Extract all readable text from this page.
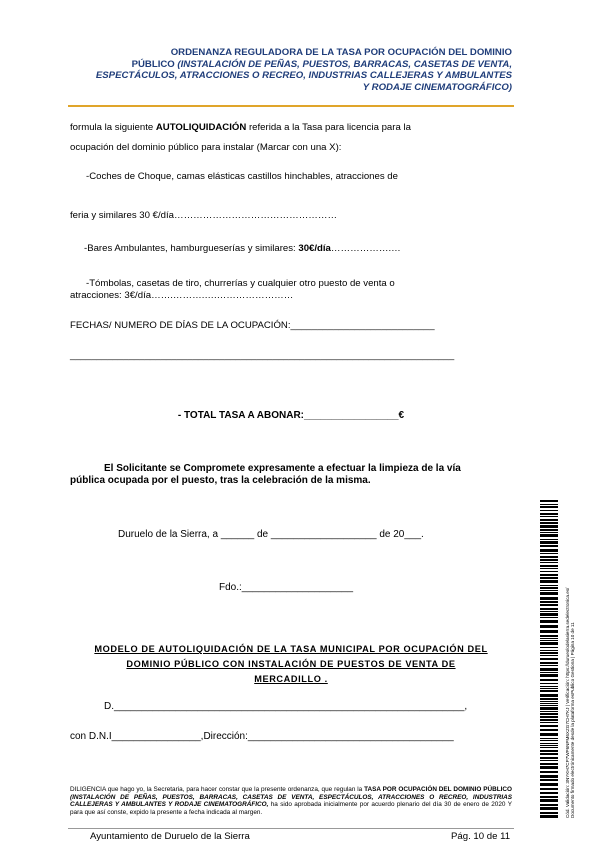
ORDENANZA REGULADORA DE LA TASA POR OCUPACIÓN DEL DOMINIO
PÚBLICO (INSTALACIÓN DE PEÑAS, PUESTOS, BARRACAS, CASETAS DE VENTA,
ESPECTÁCULOS, ATRACCIONES O RECREO, INDUSTRIAS CALLEJERAS Y AMBULANTES
Y RODAJE CINEMATOGRÁFICO)
formula la siguiente AUTOLIQUIDACIÓN referida a la Tasa para licencia para la
ocupación del dominio público para instalar (Marcar con una X):
-Coches de Choque, camas elásticas castillos hinchables, atracciones de
feria y similares 30 €/día……………………………………………
-Bares Ambulantes, hamburgueserías y similares: 30€/día……………….…
-Tómbolas, casetas de tiro, churrerías y cualquier otro puesto de venta o
atracciones: 3€/día…….……….….……………………
FECHAS/ NUMERO DE DÍAS DE LA OCUPACIÓN:___________________________
________________________________________________________________________
- TOTAL TASA A ABONAR:_________________€
El Solicitante se Compromete expresamente a efectuar la limpieza de la vía
pública ocupada por el puesto, tras la celebración de la misma.
Duruelo de la Sierra, a ______ de ___________________ de 20___.
Fdo.:____________________
MODELO DE AUTOLIQUIDACIÓN DE LA TASA MUNICIPAL POR OCUPACIÓN DEL
DOMINIO PÚBLICO CON INSTALACIÓN DE PUESTOS DE VENTA DE
MERCADILLO .
D._______________________________________________________________,
con D.N.I________________,Dirección:_____________________________________
DILIGENCIA que hago yo, la Secretaria, para hacer constar que la presente ordenanza, que regulan la TASA POR OCUPACIÓN DEL DOMINIO PÚBLICO (INSTALACIÓN DE PEÑAS, PUESTOS, BARRACAS, CASETAS DE VENTA, ESPECTÁCULOS, ATRACCIONES O RECREO, INDUSTRIAS CALLEJERAS Y AMBULANTES Y RODAJE CINEMATOGRÁFICO, ha sido aprobada inicialmente por acuerdo plenario del día 30 de enero de 2020 Y para que así conste, expido la presente a fecha indicada al margen.
Ayuntamiento de Duruelo de la Sierra	Pág. 10 de 11
Cód. Validación: 3NYKH7CP7WP6NPM6XZG7CH7KJ | Verificación: https://durueolodelasierra.sedelectronica.es/ Documento firmado electrónicamente desde la plataforma esPublico Gestiona | Página 10 de 11
